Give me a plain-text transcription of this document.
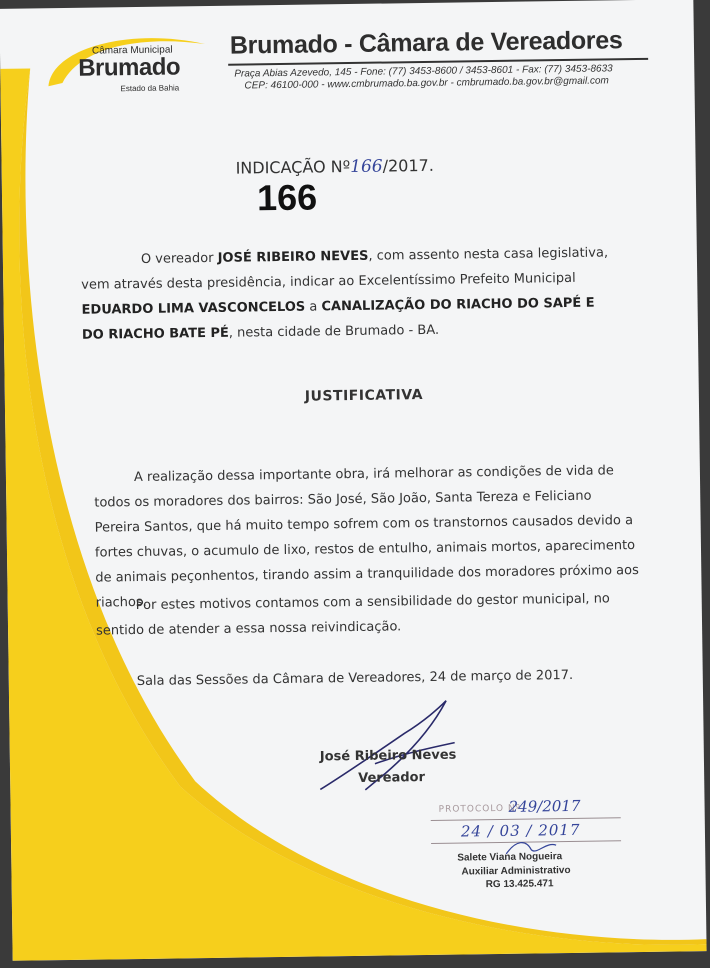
Câmara Municipal
Brumado
Estado da Bahia
Brumado - Câmara de Vereadores
Praça Abias Azevedo, 145 - Fone: (77) 3453-8600 / 3453-8601 - Fax: (77) 3453-8633
CEP: 46100-000 - www.cmbrumado.ba.gov.br - cmbrumado.ba.gov.br@gmail.com
INDICAÇÃO Nº166/2017.
166

O vereador JOSÉ RIBEIRO NEVES, com assento nesta casa legislativa,

vem através desta presidência, indicar ao Excelentíssimo Prefeito Municipal

EDUARDO LIMA VASCONCELOS a CANALIZAÇÃO DO RIACHO DO SAPÉ E

DO RIACHO BATE PÉ, nesta cidade de Brumado - BA.

JUSTIFICATIVA

A realização dessa importante obra, irá melhorar as condições de vida de

todos os moradores dos bairros: São José, São João, Santa Tereza e Feliciano

Pereira Santos, que há muito tempo sofrem com os transtornos causados devido a

fortes chuvas, o acumulo de lixo, restos de entulho, animais mortos, aparecimento

de animais peçonhentos, tirando assim a tranquilidade dos moradores próximo aos

riachos.

Por estes motivos contamos com a sensibilidade do gestor municipal, no

sentido de atender a essa nossa reivindicação.

Sala das Sessões da Câmara de Vereadores, 24 de março de 2017.

José Ribeiro Neves
Vereador
PROTOCOLO Nº
249/2017
24 / 03 / 2017
Salete Viana Nogueira
Auxiliar Administrativo
RG 13.425.471
